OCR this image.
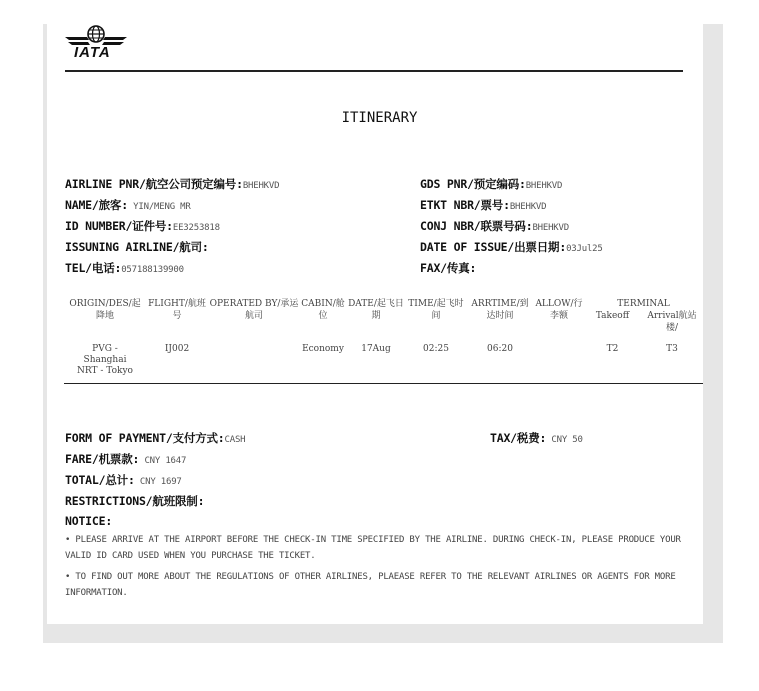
IATA
ITINERARY
AIRLINE PNR/航空公司预定编号:BHEHKVD
NAME/旅客: YIN/MENG MR
ID NUMBER/证件号:EE3253818
ISSUNING AIRLINE/航司:
TEL/电话:057188139900
GDS PNR/预定编码:BHEHKVD
ETKT NBR/票号:BHEHKVD
CONJ NBR/联票号码:BHEHKVD
DATE OF ISSUE/出票日期:03Jul25
FAX/传真:
ORIGIN/DES/起降地	FLIGHT/航班号	OPERATED BY/承运航司	CABIN/舱位	DATE/起飞日期	TIME/起飞时间	ARRTIME/到达时间	ALLOW/行李额	TERMINAL	
								Takeoff	Arrival航站楼/

PVG -
Shanghai
NRT - Tokyo	IJ002		Economy	17Aug	02:25	06:20		T2	T3
FORM OF PAYMENT/支付方式:CASH	TAX/税费: CNY 50
FARE/机票款: CNY 1647
TOTAL/总计: CNY 1697
RESTRICTIONS/航班限制:
NOTICE:
• PLEASE ARRIVE AT THE AIRPORT BEFORE THE CHECK-IN TIME SPECIFIED BY THE AIRLINE. DURING CHECK-IN, PLEASE PRODUCE YOUR VALID ID CARD USED WHEN YOU PURCHASE THE TICKET.
• TO FIND OUT MORE ABOUT THE REGULATIONS OF OTHER AIRLINES, PLAEASE REFER TO THE RELEVANT AIRLINES OR AGENTS FOR MORE INFORMATION.
